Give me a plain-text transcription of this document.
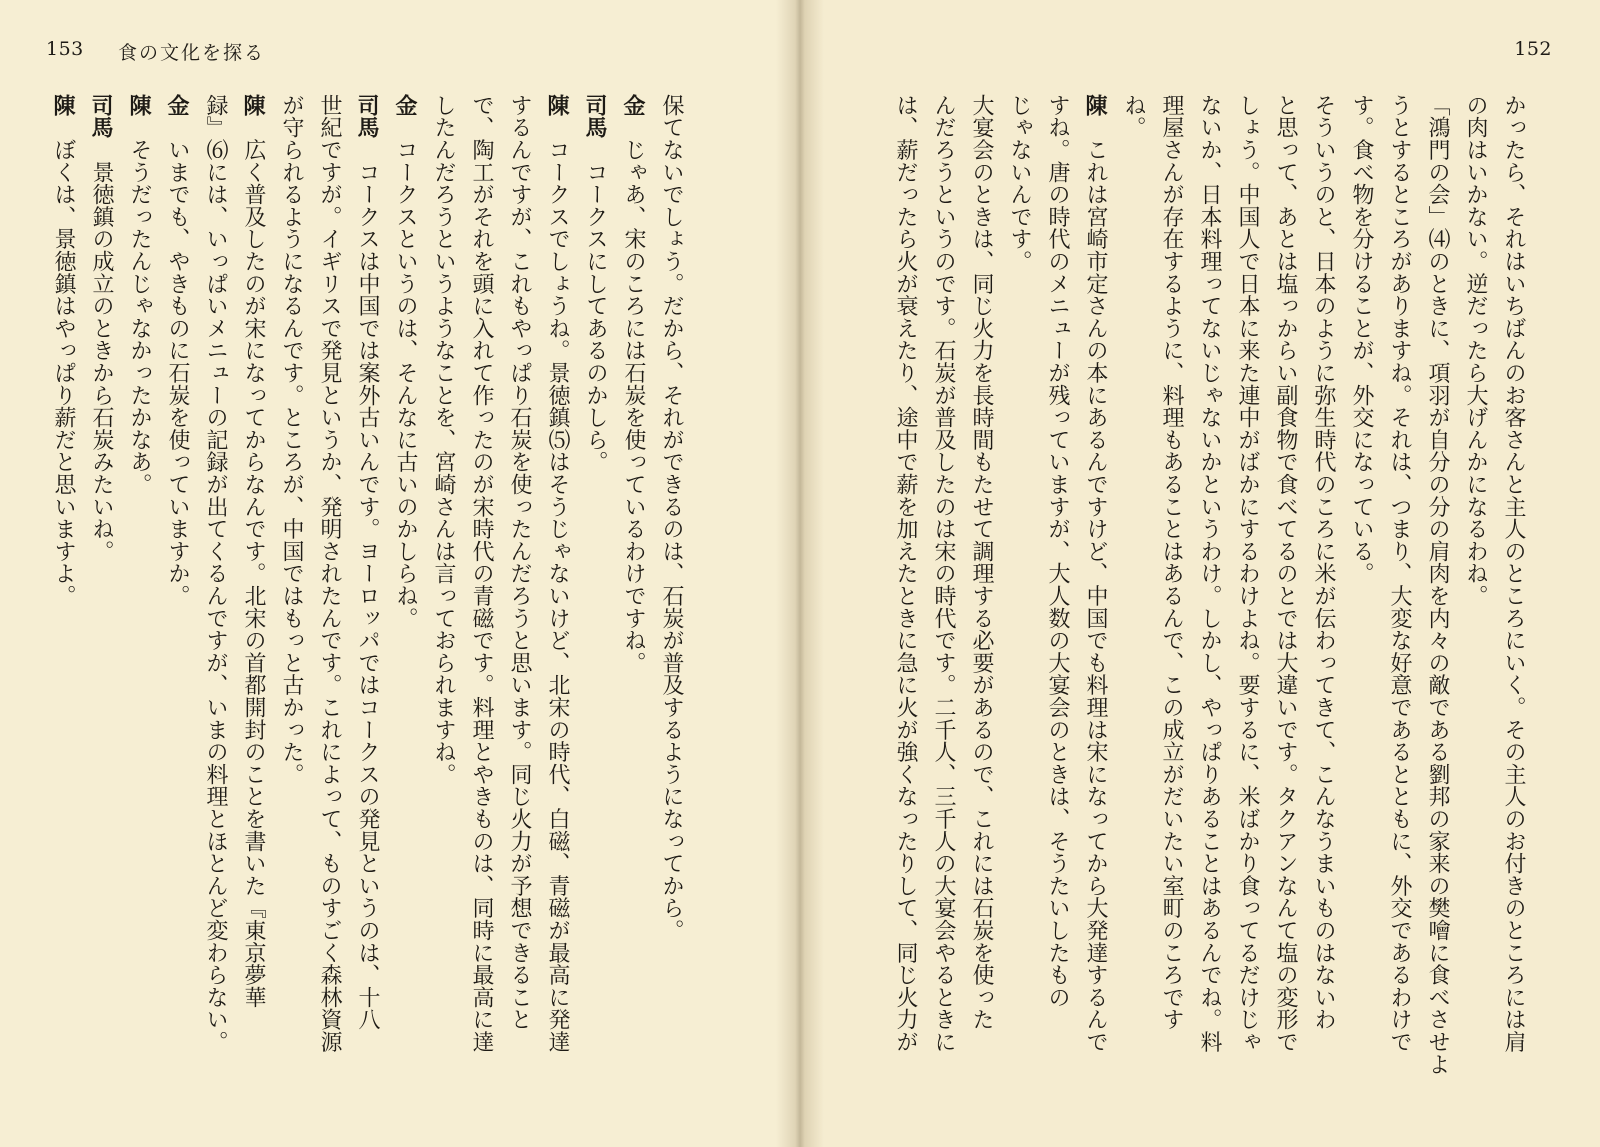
153 食の文化を探る
保てないでしょう。だから、それができるのは、石炭が普及するようになってから。
金　じゃあ、宋のころには石炭を使っているわけですね。
司馬　コークスにしてあるのかしら。
陳　コークスでしょうね。景徳鎮⑸はそうじゃないけど、北宋の時代、白磁、青磁が最高に発達
するんですが、これもやっぱり石炭を使ったんだろうと思います。同じ火力が予想できること
で、陶工がそれを頭に入れて作ったのが宋時代の青磁です。料理とやきものは、同時に最高に達
したんだろうというようなことを、宮崎さんは言っておられますね。
金　コークスというのは、そんなに古いのかしらね。
司馬　コークスは中国では案外古いんです。ヨーロッパではコークスの発見というのは、十八
世紀ですが。イギリスで発見というか、発明されたんです。これによって、ものすごく森林資源
が守られるようになるんです。ところが、中国ではもっと古かった。
陳　広く普及したのが宋になってからなんです。北宋の首都開封のことを書いた『東京夢華
録』⑹には、いっぱいメニューの記録が出てくるんですが、いまの料理とほとんど変わらない。
金　いまでも、やきものに石炭を使っていますか。
陳　そうだったんじゃなかったかなあ。
司馬　景徳鎮の成立のときから石炭みたいね。
陳　ぼくは、景徳鎮はやっぱり薪だと思いますよ。
152
かったら、それはいちばんのお客さんと主人のところにいく。その主人のお付きのところには肩
の肉はいかない。逆だったら大げんかになるわね。
「鴻門の会」⑷のときに、項羽が自分の分の肩肉を内々の敵である劉邦の家来の樊噲に食べさせよ
うとするところがありますね。それは、つまり、大変な好意であるとともに、外交であるわけで
す。食べ物を分けることが、外交になっている。
そういうのと、日本のように弥生時代のころに米が伝わってきて、こんなうまいものはないわ
と思って、あとは塩っからい副食物で食べてるのとでは大違いです。タクアンなんて塩の変形で
しょう。中国人で日本に来た連中がばかにするわけよね。要するに、米ばかり食ってるだけじゃ
ないか、日本料理ってないじゃないかというわけ。しかし、やっぱりあることはあるんでね。料
理屋さんが存在するように、料理もあることはあるんで、この成立がだいたい室町のころです
ね。
陳　これは宮崎市定さんの本にあるんですけど、中国でも料理は宋になってから大発達するんで
すね。唐の時代のメニューが残っていますが、大人数の大宴会のときは、そうたいしたもの
じゃないんです。
大宴会のときは、同じ火力を長時間もたせて調理する必要があるので、これには石炭を使った
んだろうというのです。石炭が普及したのは宋の時代です。二千人、三千人の大宴会やるときに
は、薪だったら火が衰えたり、途中で薪を加えたときに急に火が強くなったりして、同じ火力が
